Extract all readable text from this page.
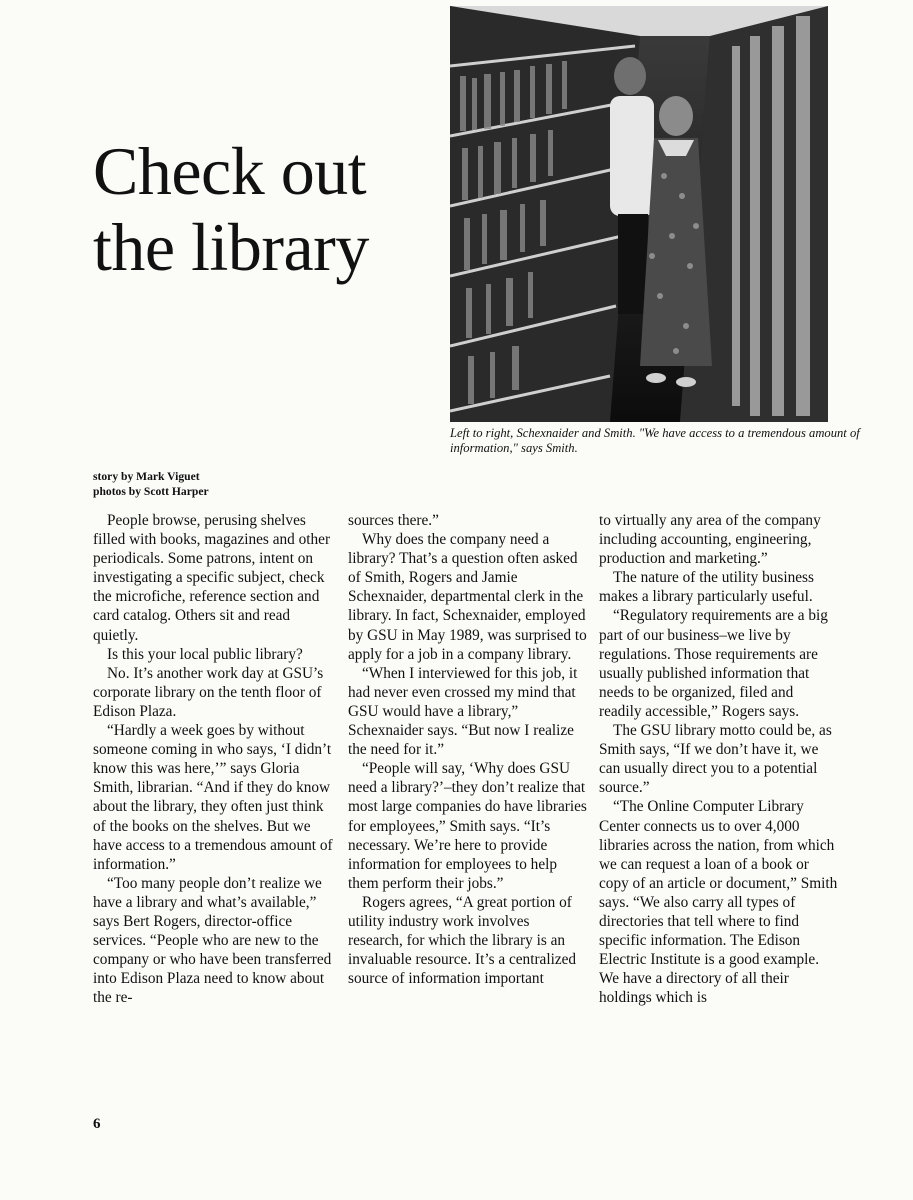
Check out
the library
Left to right, Schexnaider and Smith. "We have access to a tremendous amount of information," says Smith.
story by Mark Viguet
photos by Scott Harper

People browse, perusing shelves filled with books, magazines and other periodicals. Some patrons, intent on investigating a specific subject, check the microfiche, reference section and card catalog. Others sit and read quietly.

Is this your local public library?

No. It’s another work day at GSU’s corporate library on the tenth floor of Edison Plaza.

“Hardly a week goes by without someone coming in who says, ‘I didn’t know this was here,’” says Gloria Smith, librarian. “And if they do know about the library, they often just think of the books on the shelves. But we have access to a tremendous amount of information.”

“Too many people don’t realize we have a library and what’s available,” says Bert Rogers, director-office services. “People who are new to the company or who have been transferred into Edison Plaza need to know about the re-

sources there.”

Why does the company need a library? That’s a question often asked of Smith, Rogers and Jamie Schexnaider, departmental clerk in the library. In fact, Schexnaider, employed by GSU in May 1989, was surprised to apply for a job in a company library.

“When I interviewed for this job, it had never even crossed my mind that GSU would have a library,” Schexnaider says. “But now I realize the need for it.”

“People will say, ‘Why does GSU need a library?’–they don’t realize that most large companies do have libraries for employees,” Smith says. “It’s necessary. We’re here to provide information for employees to help them perform their jobs.”

Rogers agrees, “A great portion of utility industry work involves research, for which the library is an invaluable resource. It’s a centralized source of information important

to virtually any area of the company including accounting, engineering, production and marketing.”

The nature of the utility business makes a library particularly useful.

“Regulatory requirements are a big part of our business–we live by regulations. Those requirements are usually published information that needs to be organized, filed and readily accessible,” Rogers says.

The GSU library motto could be, as Smith says, “If we don’t have it, we can usually direct you to a potential source.”

“The Online Computer Library Center connects us to over 4,000 libraries across the nation, from which we can request a loan of a book or copy of an article or document,” Smith says. “We also carry all types of directories that tell where to find specific information. The Edison Electric Institute is a good example. We have a directory of all their holdings which is

6
